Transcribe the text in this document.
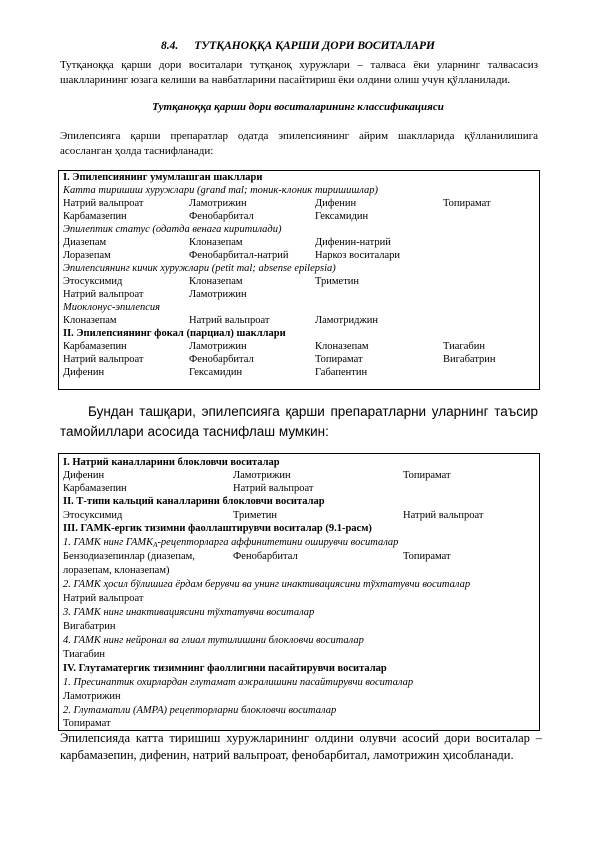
8.4. ТУТҚАНОҚҚА ҚАРШИ ДОРИ ВОСИТАЛАРИ
Тутқаноққа қарши дори воситалари тутқаноқ хуружлари – талваса ёки уларнинг талвасасиз шаклларининг юзага келиши ва навбатларини пасайтириш ёки олдини олиш учун қўлланилади.
Тутқаноққа қарши дори воситаларининг классификацияси
Эпилепсияга қарши препаратлар одатда эпилепсиянинг айрим шаклларида қўлланилишига асосланган ҳолда таснифланади:
I. Эпилепсиянинг умумлашган шакллари
Катта тиришиш хуружлари (grand mal; тоник-клоник тиришишлар)
Натрий вальпроат	Ламотрижин	Дифенин	Топирамат
Карбамазепин	Фенобарбитал	Гексамидин
Эпилептик статус (одатда венага киритилади)
Диазепам	Клоназепам	Дифенин-натрий
Лоразепам	Фенобарбитал-натрий	Наркоз воситалари
Эпилепсиянинг кичик хуружлари (petit mal; absense epilepsia)
Этосуксимид	Клоназепам	Триметин
Натрий вальпроат	Ламотрижин
Миоклонус-эпилепсия
Клоназепам	Натрий вальпроат	Ламотриджин
II. Эпилепсиянинг фокал (парциал) шакллари
Карбамазепин	Ламотрижин	Клоназепам	Тиагабин
Натрий вальпроат	Фенобарбитал	Топирамат	Вигабатрин
Дифенин	Гексамидин	Габапентин
Бундан ташқари, эпилепсияга қарши препаратларни уларнинг таъсир тамойиллари асосида таснифлаш мумкин:
I. Натрий каналларини блокловчи воситалар
Дифенин	Ламотрижин	Топирамат
Карбамазепин	Натрий вальпроат
II. Т-типи кальций каналларини блокловчи воситалар
Этосуксимид	Триметин	Натрий вальпроат
III. ГАМК-ергик тизимни фаоллаштирувчи воситалар (9.1-расм)
1. ГАМК нинг $ГАМК_А$-рецепторларга аффинитетини оширувчи воситалар
Бензодиазепинлар (диазепам,	Фенобарбитал	Топирамат
лоразепам, клоназепам)
2. ГАМК ҳосил бўлишига ёрдам берувчи ва унинг инактивациясини тўхтатувчи воситалар
Натрий вальпроат
3. ГАМК нинг инактивациясини тўхтатувчи воситалар
Вигабатрин
4. ГАМК нинг нейронал ва глиал тутилишини блокловчи воситалар
Тиагабин
IV. Глутаматергик тизимнинг фаоллигини пасайтирувчи воситалар
1. Пресинаптик охирлардан глутамат ажралишини пасайтирувчи воситалар
Ламотрижин
2. Глутаматли (АМРА) рецепторларни блокловчи воситалар
Топирамат
Эпилепсияда катта тиришиш хуружларининг олдини олувчи асосий дори воситалар – карбамазепин, дифенин, натрий вальпроат, фенобарбитал, ламотрижин ҳисобланади.
